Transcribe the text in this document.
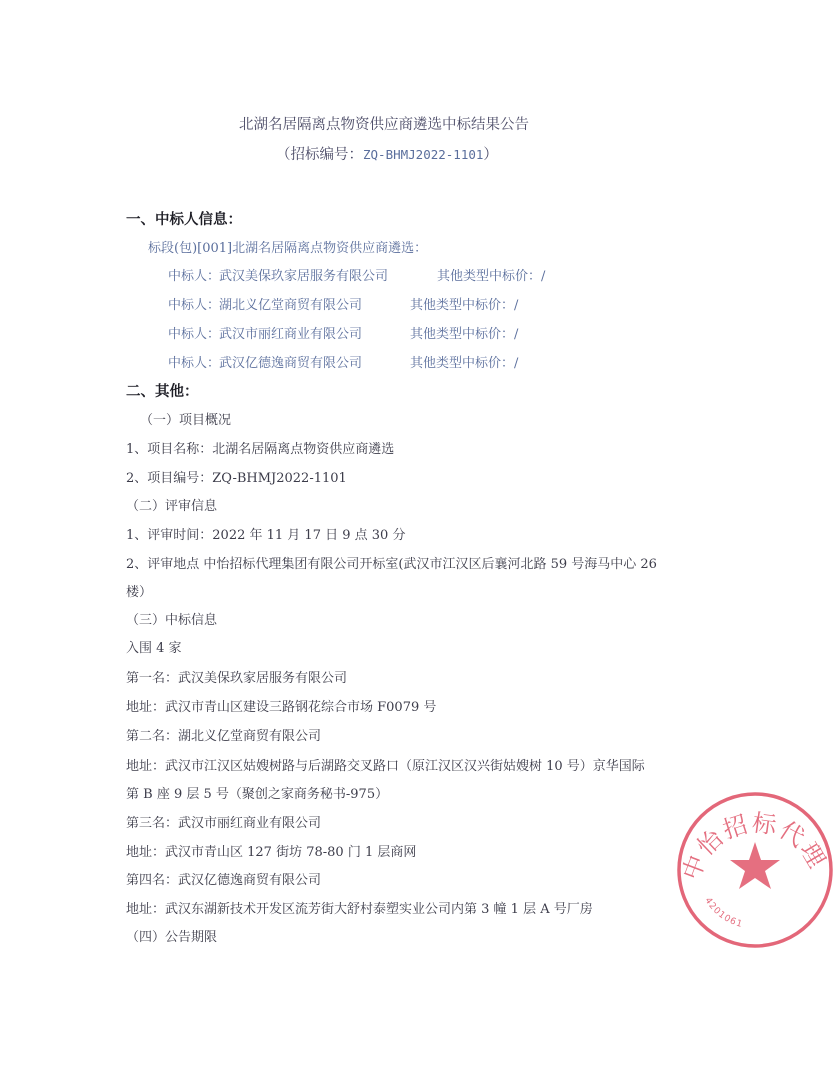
北湖名居隔离点物资供应商遴选中标结果公告
（招标编号：ZQ-BHMJ2022-1101）
一、中标人信息：
标段(包)[001]北湖名居隔离点物资供应商遴选：
中标人：
武汉美保玖家居服务有限公司	其他类型中标价： /
中标人：
湖北义亿堂商贸有限公司	其他类型中标价： /
中标人：
武汉市丽红商业有限公司	其他类型中标价： /
中标人：
武汉亿德逸商贸有限公司	其他类型中标价： /
二、其他：
（一）项目概况
1、项目名称：北湖名居隔离点物资供应商遴选
2、项目编号：ZQ-BHMJ2022-1101
（二）评审信息
1、评审时间：2022 年 11 月 17 日 9 点 30 分
2、评审地点 中怡招标代理集团有限公司开标室(武汉市江汉区后襄河北路 59 号海马中心 26
楼）
（三）中标信息
入围 4 家
第一名：武汉美保玖家居服务有限公司
地址：武汉市青山区建设三路钢花综合市场 F0079 号
第二名：湖北义亿堂商贸有限公司
地址：武汉市江汉区姑嫂树路与后湖路交叉路口（原江汉区汉兴街姑嫂树 10 号）京华国际
第 B 座 9 层 5 号（聚创之家商务秘书-975）
第三名：武汉市丽红商业有限公司
地址：武汉市青山区 127 街坊 78-80 门 1 层商网
第四名：武汉亿德逸商贸有限公司
地址：武汉东湖新技术开发区流芳街大舒村泰塑实业公司内第 3 幢 1 层 A 号厂房
（四）公告期限
中怡招标代理
4201061
